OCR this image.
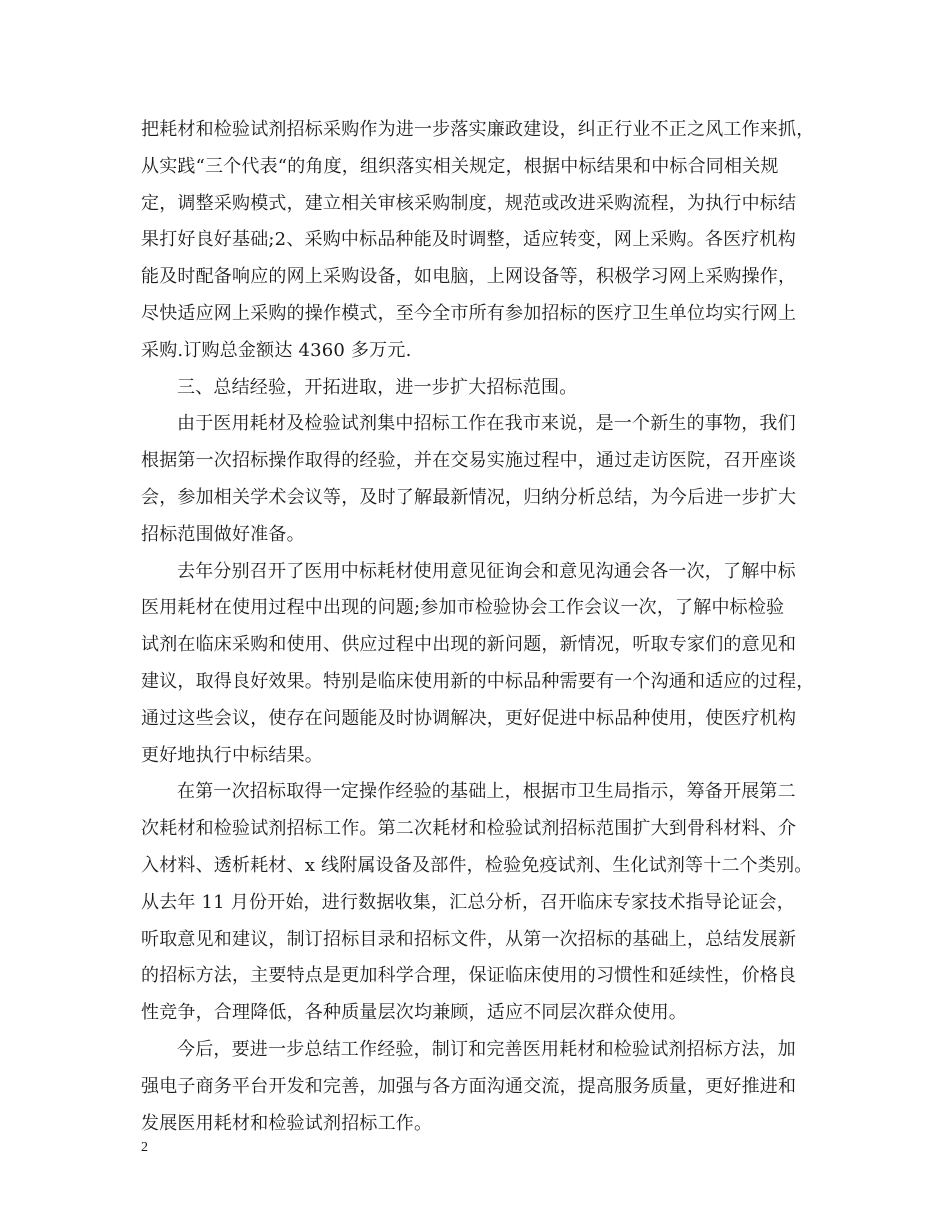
把耗材和检验试剂招标采购作为进一步落实廉政建设，纠正行业不正之风工作来抓，
从实践“三个代表“的角度，组织落实相关规定，根据中标结果和中标合同相关规
定，调整采购模式，建立相关审核采购制度，规范或改进采购流程，为执行中标结
果打好良好基础;2、采购中标品种能及时调整，适应转变，网上采购。各医疗机构
能及时配备响应的网上采购设备，如电脑，上网设备等，积极学习网上采购操作，
尽快适应网上采购的操作模式，至今全市所有参加招标的医疗卫生单位均实行网上
采购.订购总金额达 4360 多万元.
三、总结经验，开拓进取，进一步扩大招标范围。
由于医用耗材及检验试剂集中招标工作在我市来说，是一个新生的事物，我们
根据第一次招标操作取得的经验，并在交易实施过程中，通过走访医院，召开座谈
会，参加相关学术会议等，及时了解最新情况，归纳分析总结，为今后进一步扩大
招标范围做好准备。
去年分别召开了医用中标耗材使用意见征询会和意见沟通会各一次，了解中标
医用耗材在使用过程中出现的问题;参加市检验协会工作会议一次，了解中标检验
试剂在临床采购和使用、供应过程中出现的新问题，新情况，听取专家们的意见和
建议，取得良好效果。特别是临床使用新的中标品种需要有一个沟通和适应的过程，
通过这些会议，使存在问题能及时协调解决，更好促进中标品种使用，使医疗机构
更好地执行中标结果。
在第一次招标取得一定操作经验的基础上，根据市卫生局指示，筹备开展第二
次耗材和检验试剂招标工作。第二次耗材和检验试剂招标范围扩大到骨科材料、介
入材料、透析耗材、x 线附属设备及部件，检验免疫试剂、生化试剂等十二个类别。
从去年 11 月份开始，进行数据收集，汇总分析，召开临床专家技术指导论证会，
听取意见和建议，制订招标目录和招标文件，从第一次招标的基础上，总结发展新
的招标方法，主要特点是更加科学合理，保证临床使用的习惯性和延续性，价格良
性竞争，合理降低，各种质量层次均兼顾，适应不同层次群众使用。
今后，要进一步总结工作经验，制订和完善医用耗材和检验试剂招标方法，加
强电子商务平台开发和完善，加强与各方面沟通交流，提高服务质量，更好推进和
发展医用耗材和检验试剂招标工作。
2
